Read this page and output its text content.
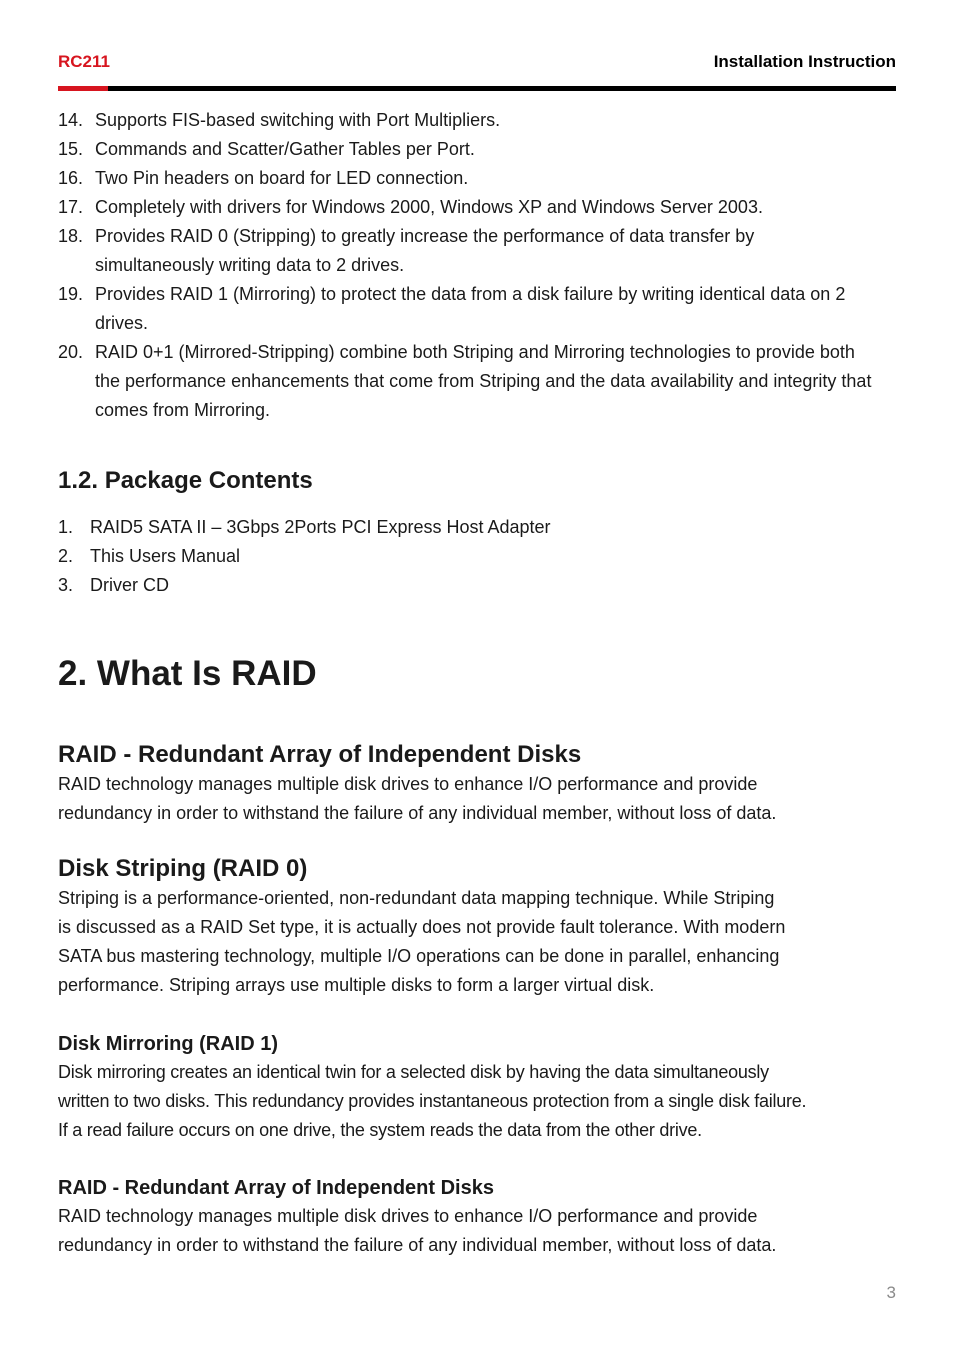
RC211	Installation Instruction
14. Supports FIS-based switching with Port Multipliers.
15. Commands and Scatter/Gather Tables per Port.
16. Two Pin headers on board for LED connection.
17. Completely with drivers for Windows 2000, Windows XP and Windows Server 2003.
18. Provides RAID 0 (Stripping) to greatly increase the performance of data transfer by simultaneously writing data to 2 drives.
19. Provides RAID 1 (Mirroring) to protect the data from a disk failure by writing identical data on 2 drives.
20. RAID 0+1 (Mirrored-Stripping) combine both Striping and Mirroring technologies to provide both the performance enhancements that come from Striping and the data availability and integrity that comes from Mirroring.
1.2. Package Contents
1. RAID5 SATA II – 3Gbps 2Ports PCI Express Host Adapter
2. This Users Manual
3. Driver CD
2. What Is RAID
RAID - Redundant Array of Independent Disks

RAID technology manages multiple disk drives to enhance I/O performance and provide redundancy in order to withstand the failure of any individual member, without loss of data.

Disk Striping (RAID 0)

Striping is a performance-oriented, non-redundant data mapping technique. While Striping
is discussed as a RAID Set type, it is actually does not provide fault tolerance. With modern
SATA bus mastering technology, multiple I/O operations can be done in parallel, enhancing
performance. Striping arrays use multiple disks to form a larger virtual disk.

Disk Mirroring (RAID 1)

Disk mirroring creates an identical twin for a selected disk by having the data simultaneously
written to two disks. This redundancy provides instantaneous protection from a single disk failure.
If a read failure occurs on one drive, the system reads the data from the other drive.

RAID - Redundant Array of Independent Disks

RAID technology manages multiple disk drives to enhance I/O performance and provide redundancy in order to withstand the failure of any individual member, without loss of data.

3
